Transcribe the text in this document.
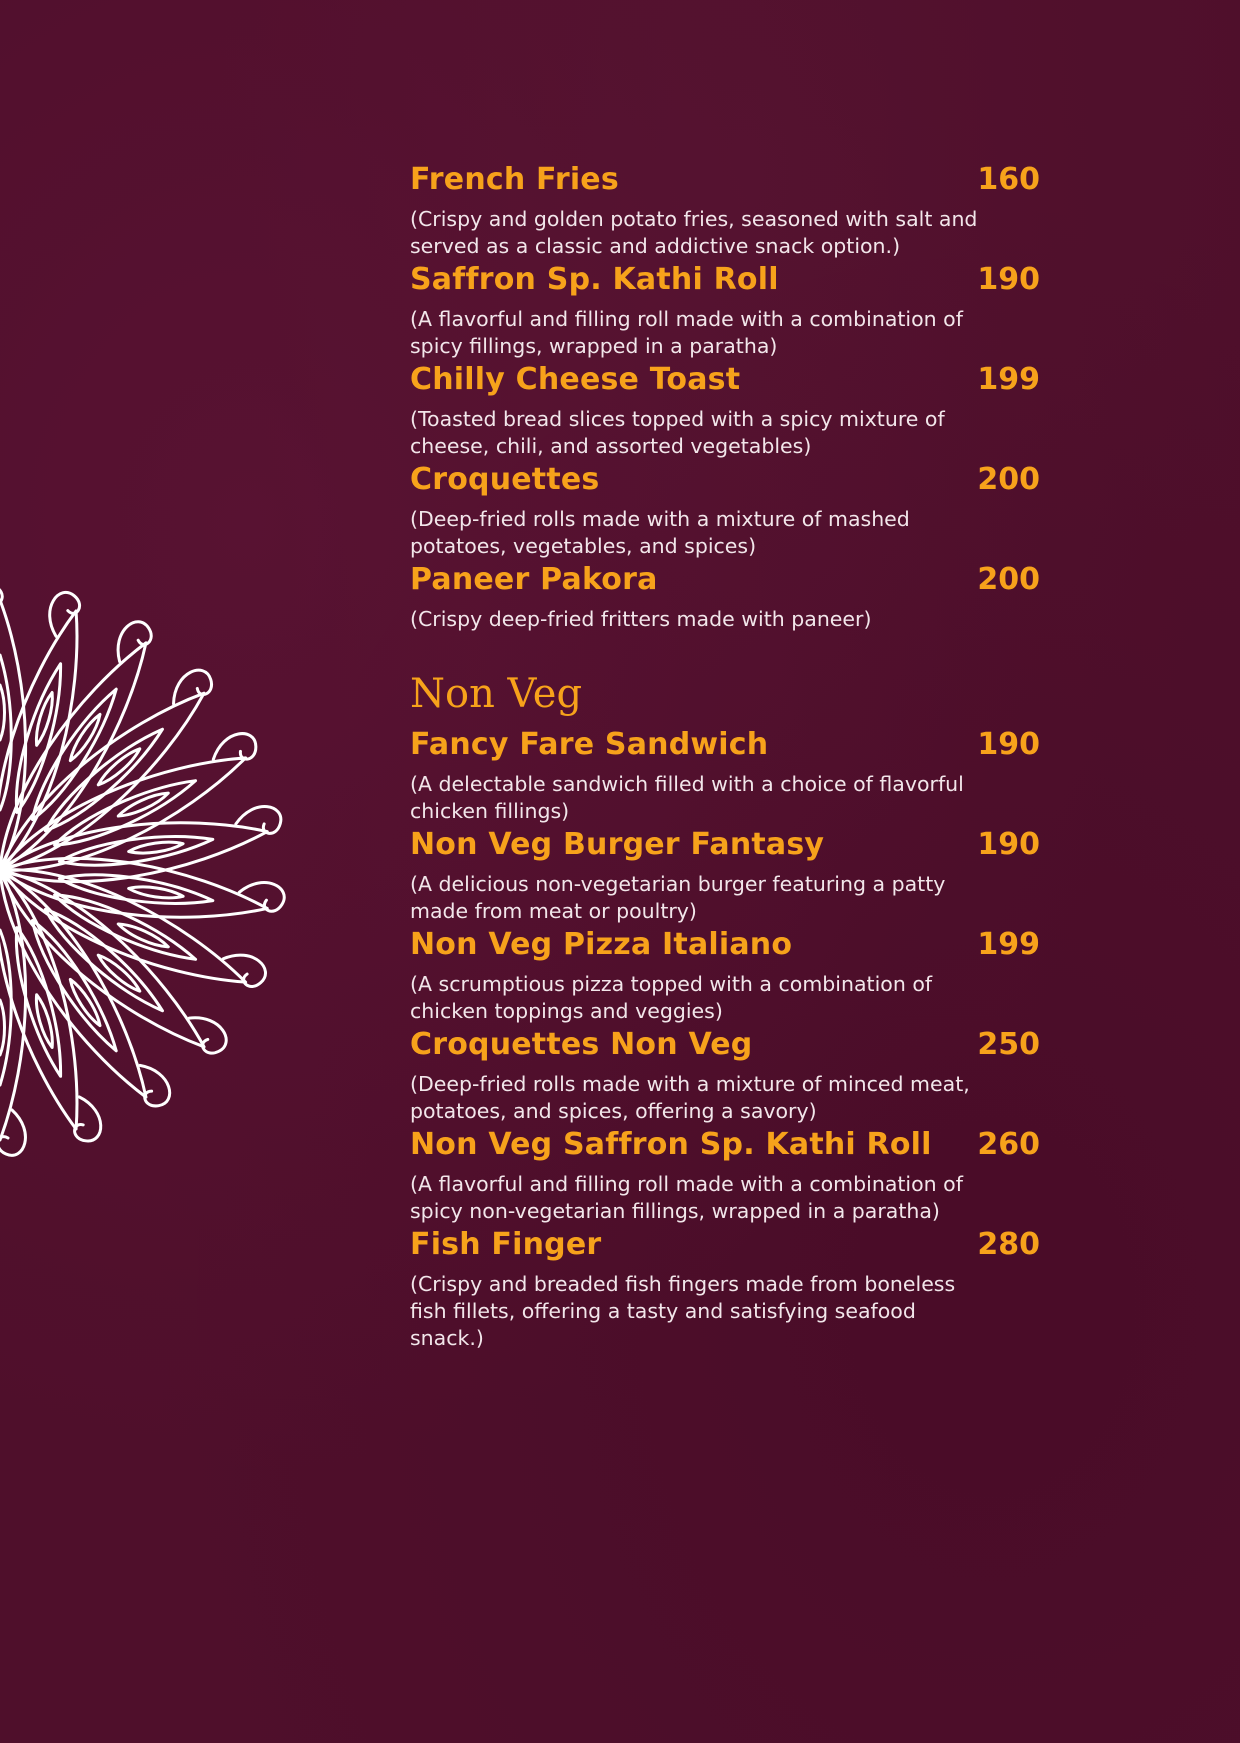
French Fries	160
(Crispy and golden potato fries, seasoned with salt and served as a classic and addictive snack option.)
Saffron Sp. Kathi Roll	190
(A flavorful and filling roll made with a combination of spicy fillings, wrapped in a paratha)
Chilly Cheese Toast	199
(Toasted bread slices topped with a spicy mixture of cheese, chili, and assorted vegetables)
Croquettes	200
(Deep-fried rolls made with a mixture of mashed potatoes, vegetables, and spices)
Paneer Pakora	200
(Crispy deep-fried fritters made with paneer)
Non Veg
Fancy Fare Sandwich	190
(A delectable sandwich filled with a choice of flavorful chicken fillings)
Non Veg Burger Fantasy	190
(A delicious non-vegetarian burger featuring a patty made from meat or poultry)
Non Veg Pizza Italiano	199
(A scrumptious pizza topped with a combination of chicken toppings and veggies)
Croquettes Non Veg	250
(Deep-fried rolls made with a mixture of minced meat, potatoes, and spices, offering a savory)
Non Veg Saffron Sp. Kathi Roll 260
(A flavorful and filling roll made with a combination of spicy non-vegetarian fillings, wrapped in a paratha)
Fish Finger	280
(Crispy and breaded fish fingers made from boneless fish fillets, offering a tasty and satisfying seafood snack.)
